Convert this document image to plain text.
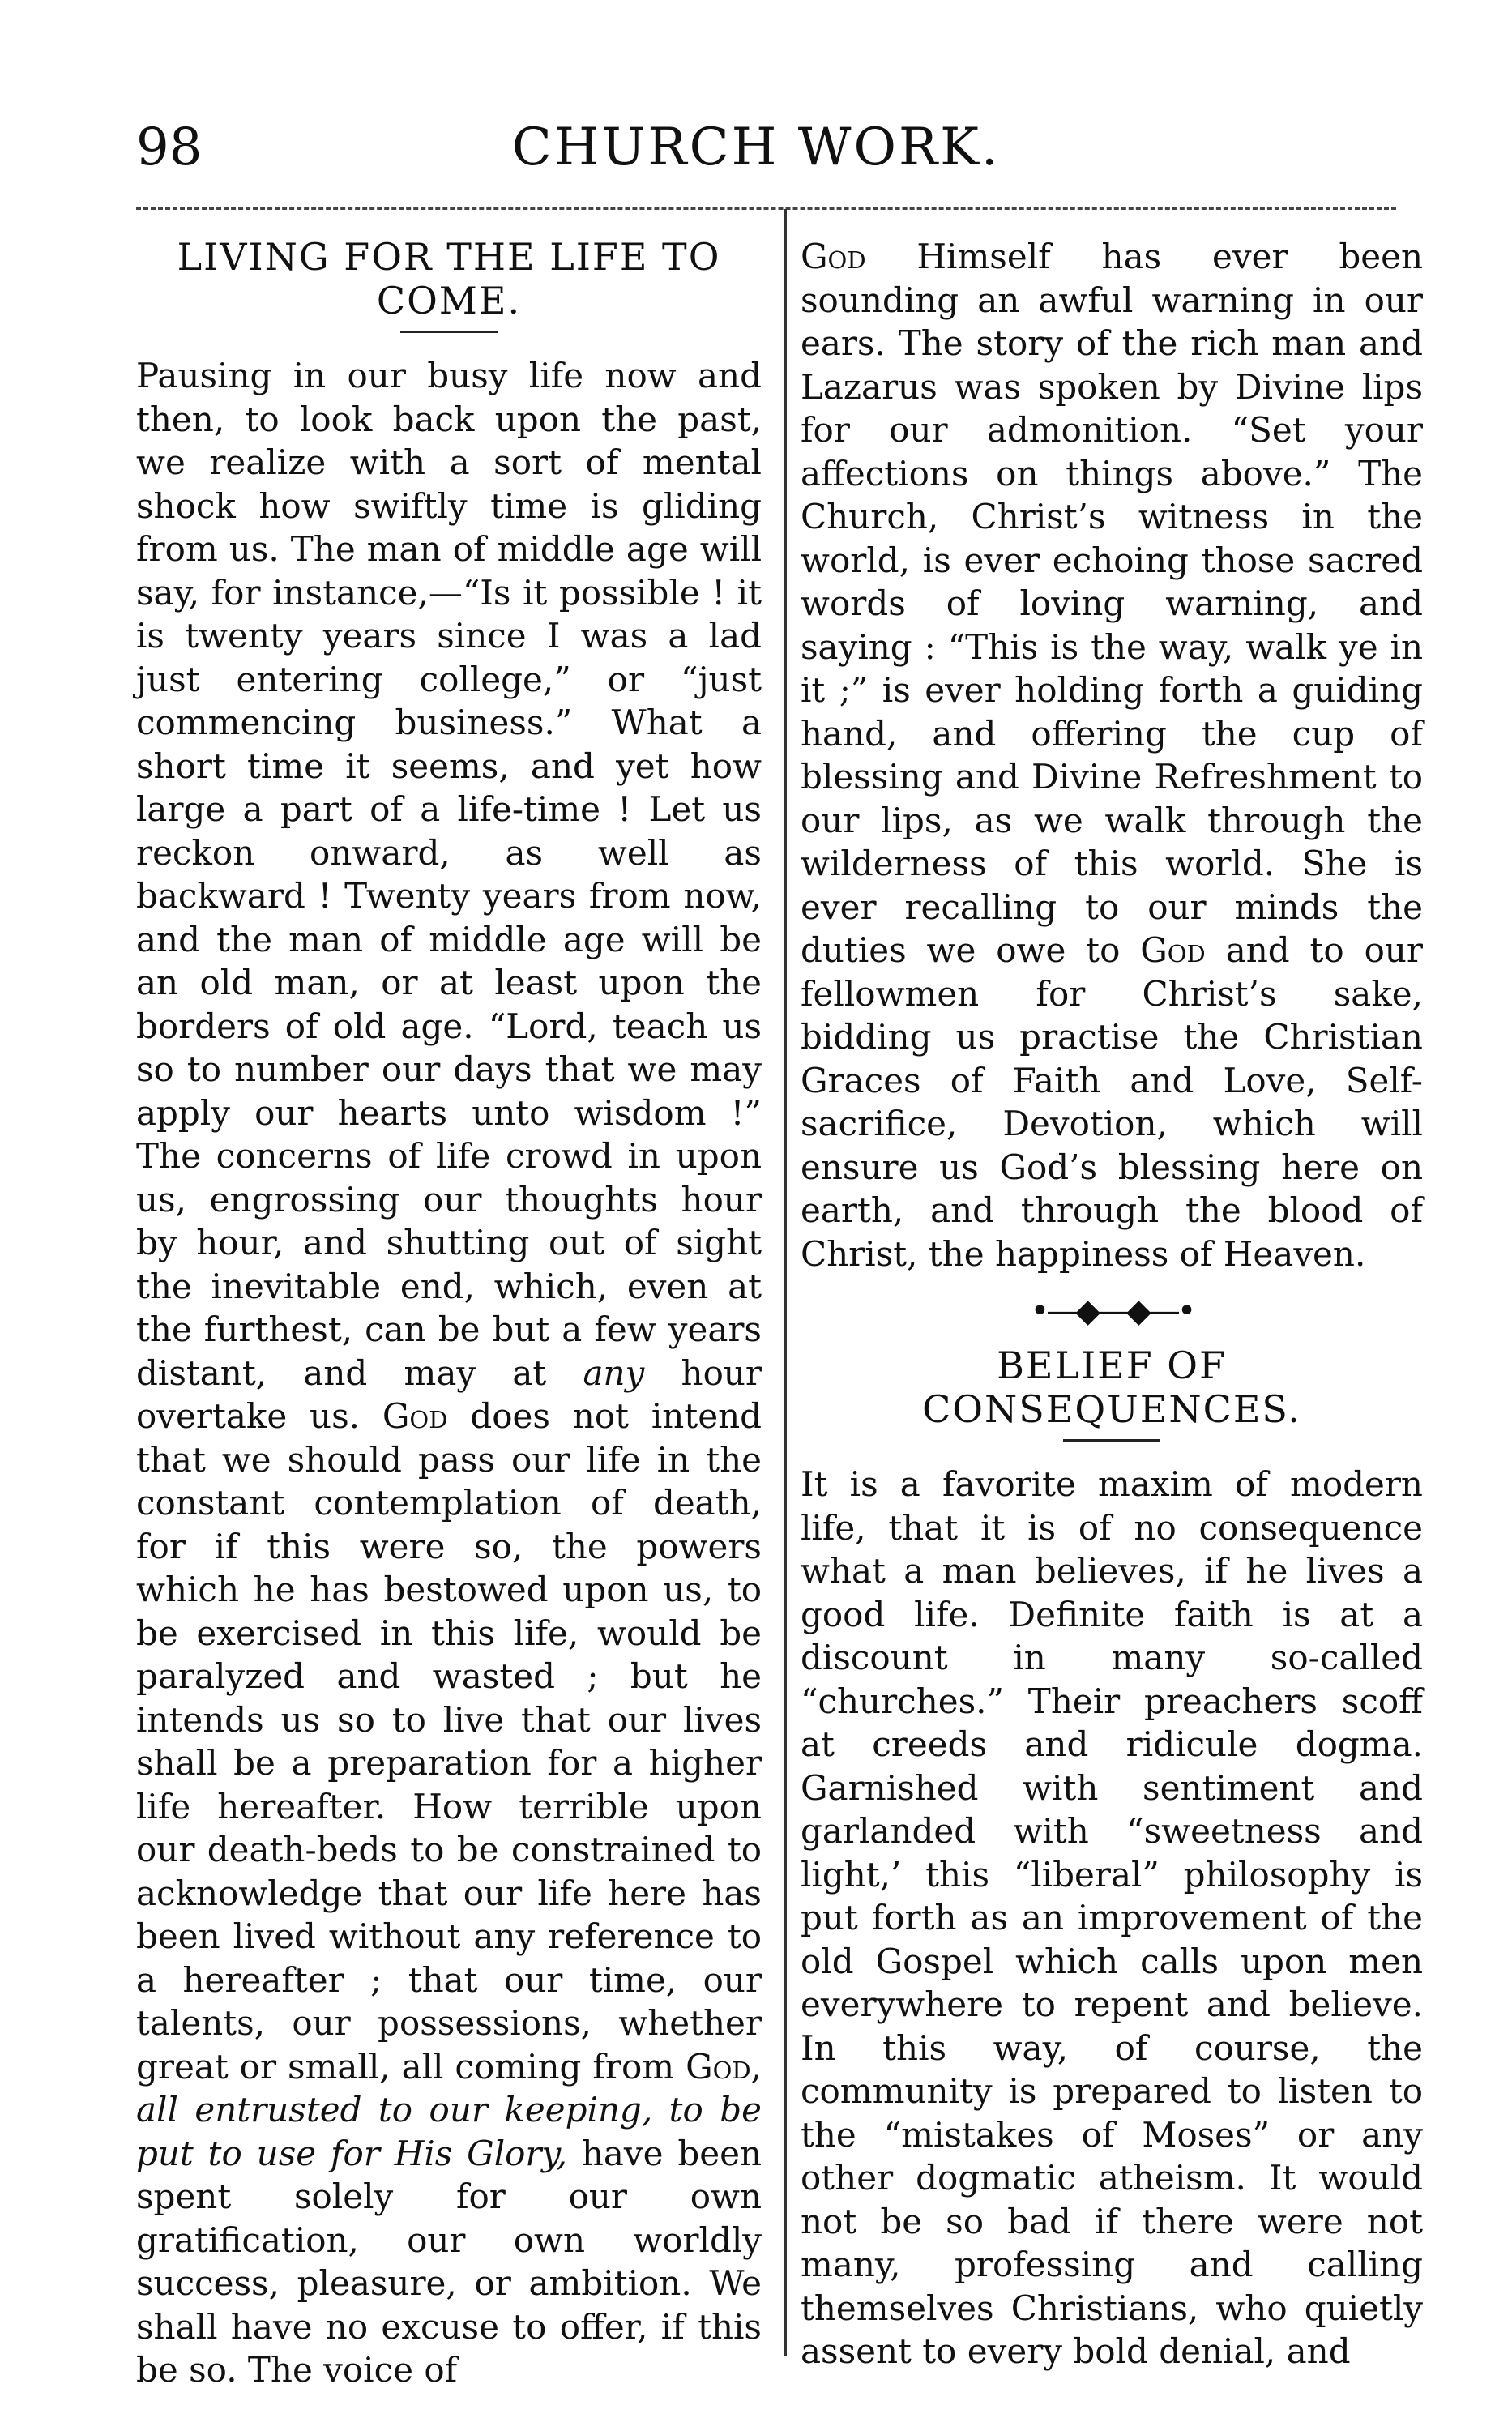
98	CHURCH WORK.
LIVING FOR THE LIFE TO COME.

Pausing in our busy life now and then, to look back upon the past, we realize with a sort of mental shock how swiftly time is gliding from us. The man of middle age will say, for instance,—“Is it possible ! it is twenty years since I was a lad just entering college,” or “just commencing business.” What a short time it seems, and yet how large a part of a life-time ! Let us reckon onward, as well as backward ! Twenty years from now, and the man of middle age will be an old man, or at least upon the borders of old age. “Lord, teach us so to number our days that we may apply our hearts unto wisdom !” The concerns of life crowd in upon us, engrossing our thoughts hour by hour, and shutting out of sight the inevitable end, which, even at the furthest, can be but a few years distant, and may at any hour overtake us. God does not intend that we should pass our life in the constant contemplation of death, for if this were so, the powers which he has bestowed upon us, to be exercised in this life, would be paralyzed and wasted ; but he intends us so to live that our lives shall be a preparation for a higher life hereafter. How terrible upon our death-beds to be constrained to acknowledge that our life here has been lived without any reference to a hereafter ; that our time, our talents, our possessions, whether great or small, all coming from God, all entrusted to our keeping, to be put to use for His Glory, have been spent solely for our own gratification, our own worldly success, pleasure, or ambition. We shall have no excuse to offer, if this be so. The voice of

God Himself has ever been sounding an awful warning in our ears. The story of the rich man and Lazarus was spoken by Divine lips for our admonition. “Set your affections on things above.” The Church, Christ’s witness in the world, is ever echoing those sacred words of loving warning, and saying : “This is the way, walk ye in it ;” is ever holding forth a guiding hand, and offering the cup of blessing and Divine Refreshment to our lips, as we walk through the wilderness of this world. She is ever recalling to our minds the duties we owe to God and to our fellowmen for Christ’s sake, bidding us practise the Christian Graces of Faith and Love, Self-sacrifice, Devotion, which will ensure us God’s blessing here on earth, and through the blood of Christ, the happiness of Heaven.

•—◆—◆—•
BELIEF OF CONSEQUENCES.

It is a favorite maxim of modern life, that it is of no consequence what a man believes, if he lives a good life. Definite faith is at a discount in many so-called “churches.” Their preachers scoff at creeds and ridicule dogma. Garnished with sentiment and garlanded with “sweetness and light,’ this “liberal” philosophy is put forth as an improvement of the old Gospel which calls upon men everywhere to repent and believe. In this way, of course, the community is prepared to listen to the “mistakes of Moses” or any other dogmatic atheism. It would not be so bad if there were not many, professing and calling themselves Christians, who quietly assent to every bold denial, and
